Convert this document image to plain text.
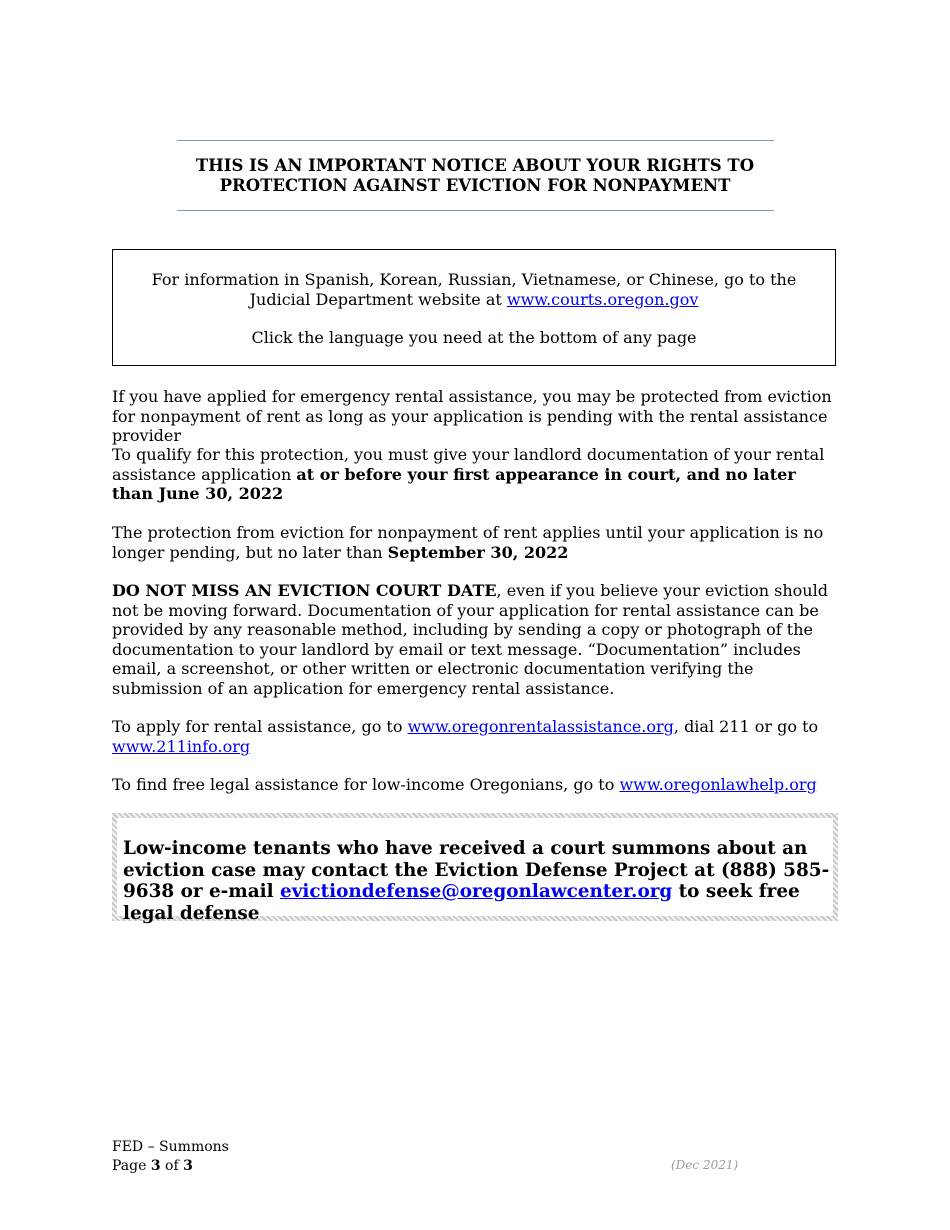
THIS IS AN IMPORTANT NOTICE ABOUT YOUR RIGHTS TO
PROTECTION AGAINST EVICTION FOR NONPAYMENT
For information in Spanish, Korean, Russian, Vietnamese, or Chinese, go to the Judicial Department website at www.courts.oregon.gov
Click the language you need at the bottom of any page
If you have applied for emergency rental assistance, you may be protected from eviction for nonpayment of rent as long as your application is pending with the rental assistance provider
To qualify for this protection, you must give your landlord documentation of your rental assistance application at or before your first appearance in court, and no later than June 30, 2022
The protection from eviction for nonpayment of rent applies until your application is no longer pending, but no later than September 30, 2022
DO NOT MISS AN EVICTION COURT DATE, even if you believe your eviction should not be moving forward. Documentation of your application for rental assistance can be provided by any reasonable method, including by sending a copy or photograph of the documentation to your landlord by email or text message. “Documentation” includes email, a screenshot, or other written or electronic documentation verifying the submission of an application for emergency rental assistance.
To apply for rental assistance, go to www.oregonrentalassistance.org, dial 211 or go to www.211info.org
To find free legal assistance for low-income Oregonians, go to www.oregonlawhelp.org
Low-income tenants who have received a court summons about an eviction case may contact the Eviction Defense Project at (888) 585-9638 or e-mail evictiondefense@oregonlawcenter.org to seek free legal defense
FED – Summons
Page 3 of 3	(Dec 2021)
